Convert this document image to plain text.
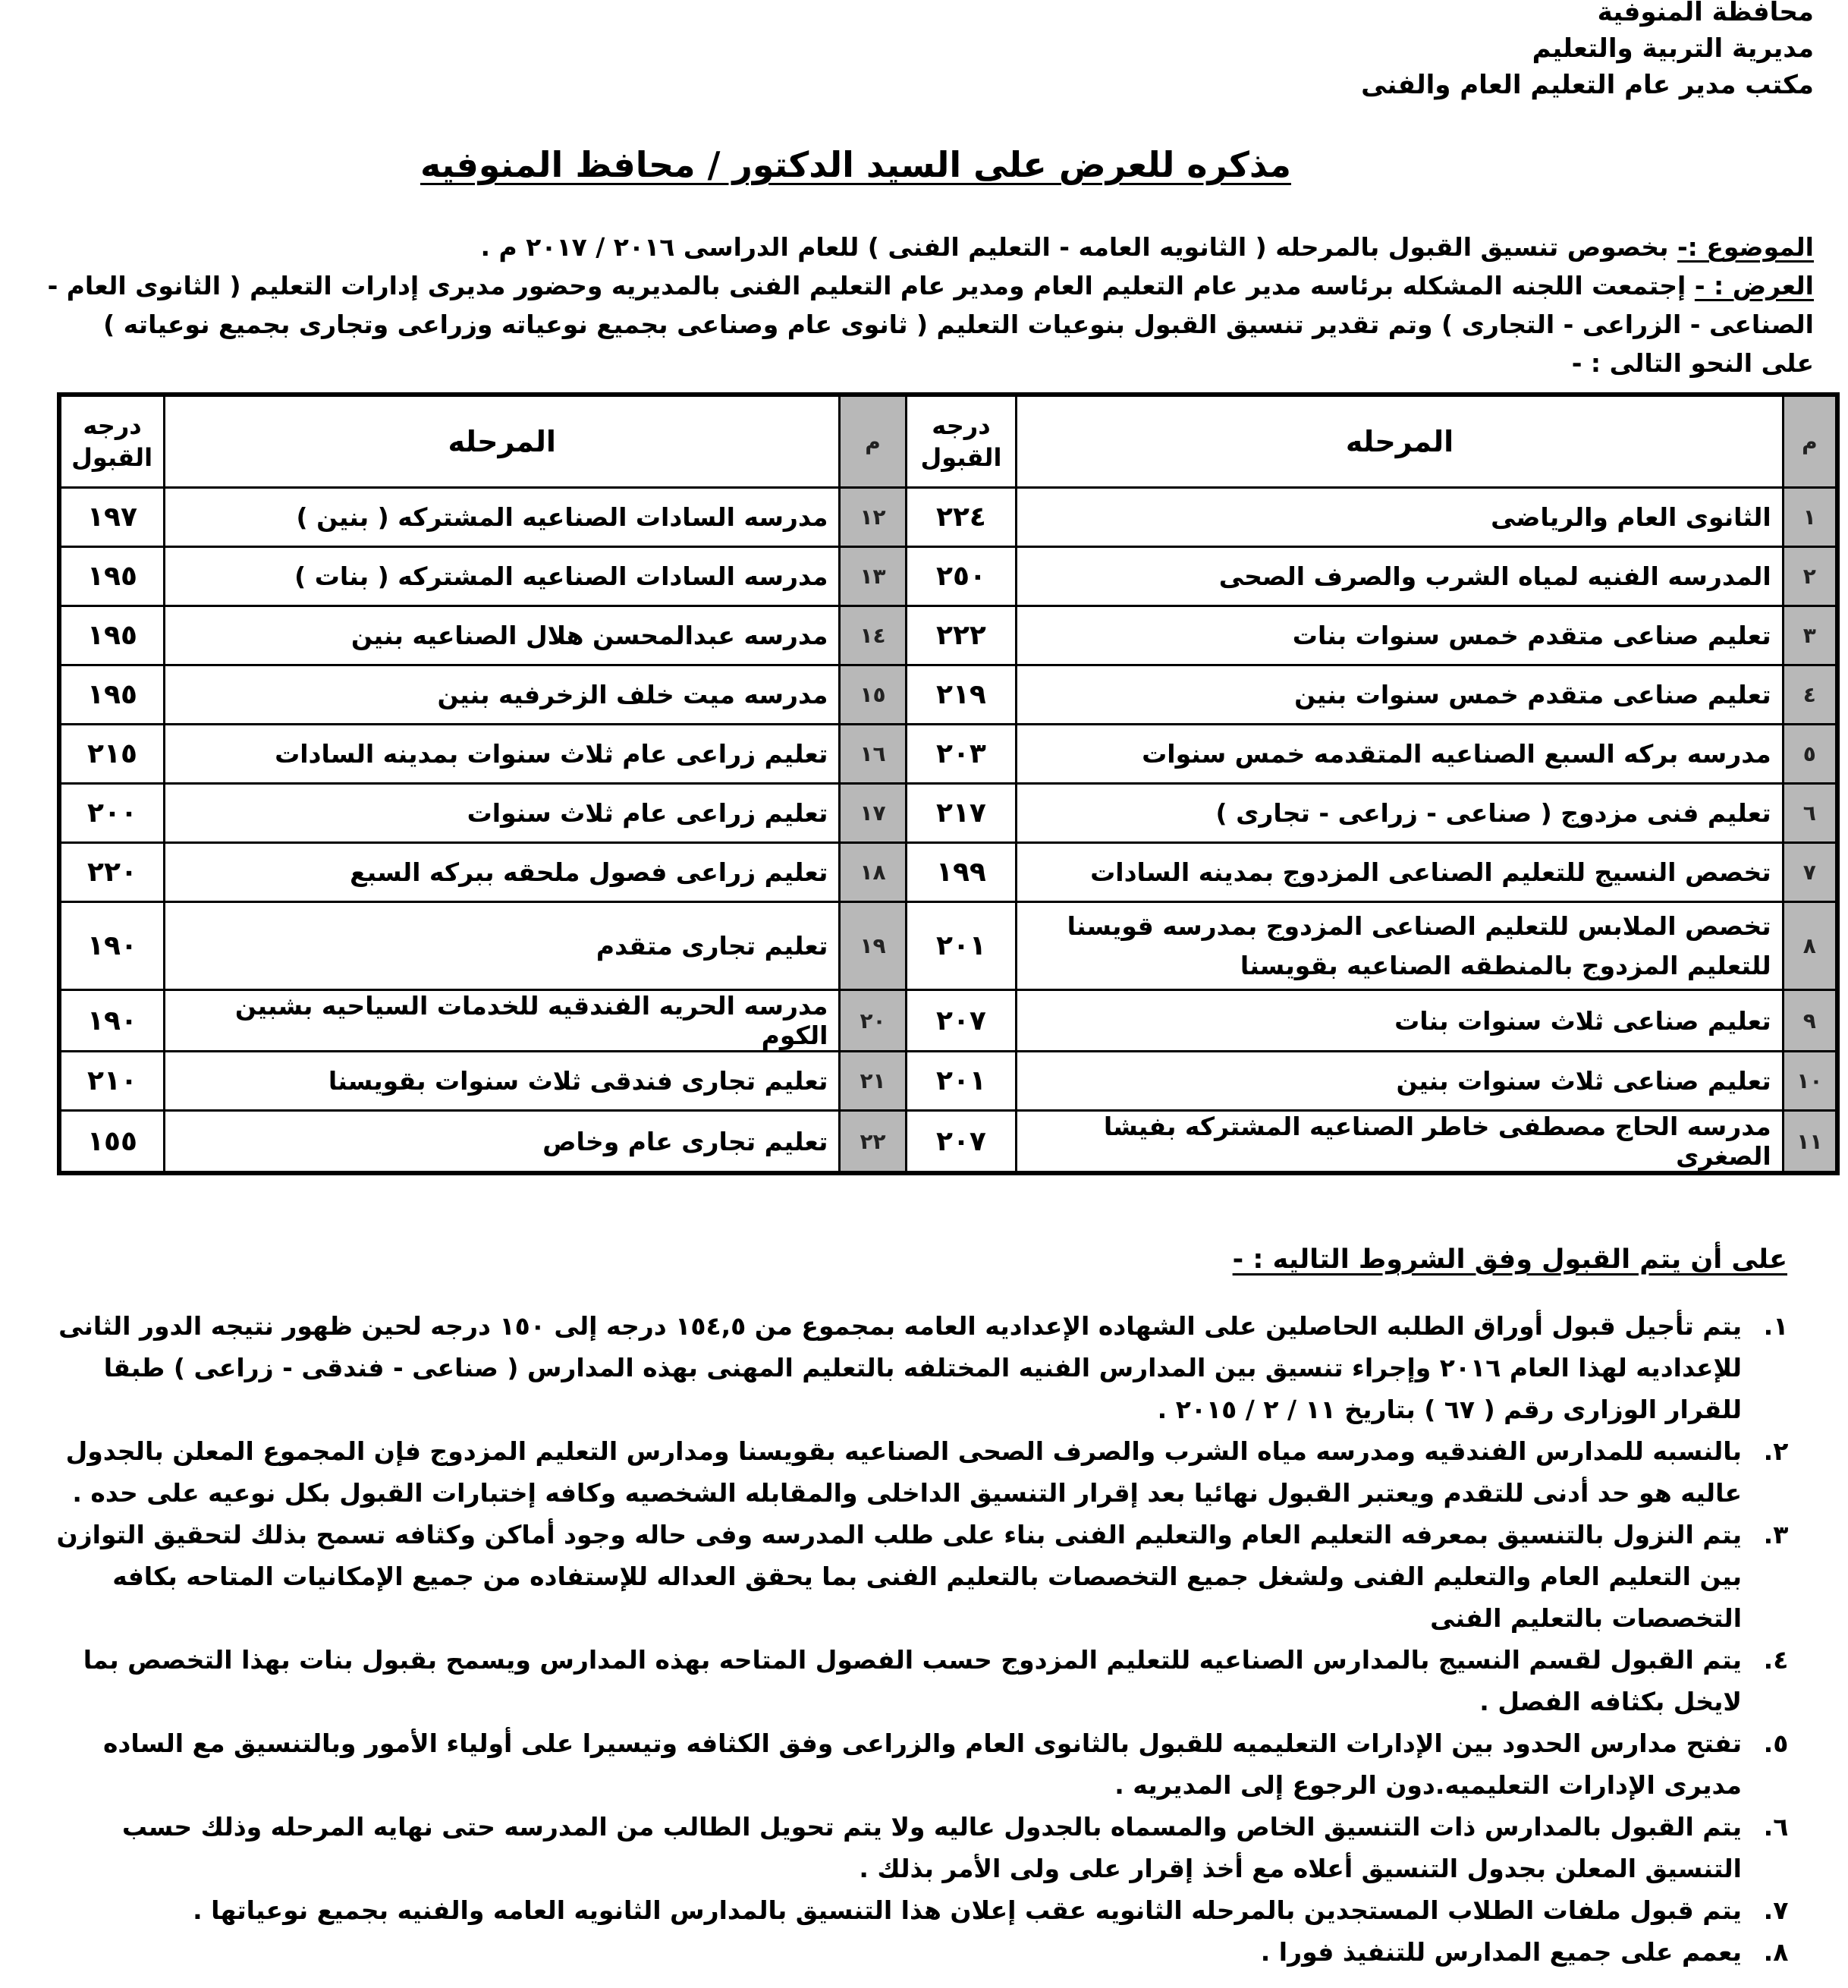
محافظة المنوفية
مديرية التربية والتعليم
مكتب مدير عام التعليم العام والفنى
مذكره للعرض على السيد الدكتور / محافظ المنوفيه

الموضوع :- بخصوص تنسيق القبول بالمرحله ( الثانويه العامه - التعليم الفنى ) للعام الدراسى ٢٠١٦ / ٢٠١٧ م .

العرض : - إجتمعت اللجنه المشكله برئاسه مدير عام التعليم العام ومدير عام التعليم الفنى بالمديريه وحضور مديرى إدارات التعليم ( الثانوى العام - الصناعى - الزراعى - التجارى ) وتم تقدير تنسيق القبول بنوعيات التعليم ( ثانوى عام وصناعى بجميع نوعياته وزراعى وتجارى بجميع نوعياته ) على النحو التالى : -

م	المرحله	درجه القبول	م	المرحله	درجه القبول
١	الثانوى العام والرياضى	٢٢٤	١٢	مدرسه السادات الصناعيه المشتركه ( بنين )	١٩٧
٢	المدرسه الفنيه لمياه الشرب والصرف الصحى	٢٥٠	١٣	مدرسه السادات الصناعيه المشتركه ( بنات )	١٩٥
٣	تعليم صناعى متقدم خمس سنوات بنات	٢٢٢	١٤	مدرسه عبدالمحسن هلال الصناعيه بنين	١٩٥
٤	تعليم صناعى متقدم خمس سنوات بنين	٢١٩	١٥	مدرسه ميت خلف الزخرفيه بنين	١٩٥
٥	مدرسه بركه السبع الصناعيه المتقدمه خمس سنوات	٢٠٣	١٦	تعليم زراعى عام ثلاث سنوات بمدينه السادات	٢١٥
٦	تعليم فنى مزدوج ( صناعى - زراعى - تجارى )	٢١٧	١٧	تعليم زراعى عام ثلاث سنوات	٢٠٠
٧	تخصص النسيج للتعليم الصناعى المزدوج بمدينه السادات	١٩٩	١٨	تعليم زراعى فصول ملحقه ببركه السبع	٢٢٠
٨	تخصص الملابس للتعليم الصناعى المزدوج بمدرسه قويسنا للتعليم المزدوج بالمنطقه الصناعيه بقويسنا	٢٠١	١٩	تعليم تجارى متقدم	١٩٠
٩	تعليم صناعى ثلاث سنوات بنات	٢٠٧	٢٠	مدرسه الحريه الفندقيه للخدمات السياحيه بشبين الكوم	١٩٠
١٠	تعليم صناعى ثلاث سنوات بنين	٢٠١	٢١	تعليم تجارى فندقى ثلاث سنوات بقويسنا	٢١٠
١١	مدرسه الحاج مصطفى خاطر الصناعيه المشتركه بفيشا الصغرى	٢٠٧	٢٢	تعليم تجارى عام وخاص	١٥٥
على أن يتم القبول وفق الشروط التاليه : -
١.
يتم تأجيل قبول أوراق الطلبه الحاصلين على الشهاده الإعداديه العامه بمجموع من ١٥٤,٥ درجه إلى ١٥٠ درجه لحين ظهور نتيجه الدور الثانى للإعداديه لهذا العام ٢٠١٦ وإجراء تنسيق بين المدارس الفنيه المختلفه بالتعليم المهنى بهذه المدارس ( صناعى - فندقى - زراعى ) طبقا للقرار الوزارى رقم ( ٦٧ ) بتاريخ ١١ / ٢ / ٢٠١٥ .
٢.
بالنسبه للمدارس الفندقيه ومدرسه مياه الشرب والصرف الصحى الصناعيه بقويسنا ومدارس التعليم المزدوج فإن المجموع المعلن بالجدول عاليه هو حد أدنى للتقدم ويعتبر القبول نهائيا بعد إقرار التنسيق الداخلى والمقابله الشخصيه وكافه إختبارات القبول بكل نوعيه على حده .
٣.
يتم النزول بالتنسيق بمعرفه التعليم العام والتعليم الفنى بناء على طلب المدرسه وفى حاله وجود أماكن وكثافه تسمح بذلك لتحقيق التوازن بين التعليم العام والتعليم الفنى ولشغل جميع التخصصات بالتعليم الفنى بما يحقق العداله للإستفاده من جميع الإمكانيات المتاحه بكافه التخصصات بالتعليم الفنى
٤.
يتم القبول لقسم النسيج بالمدارس الصناعيه للتعليم المزدوج حسب الفصول المتاحه بهذه المدارس ويسمح بقبول بنات بهذا التخصص بما لايخل بكثافه الفصل .
٥.
تفتح مدارس الحدود بين الإدارات التعليميه للقبول بالثانوى العام والزراعى وفق الكثافه وتيسيرا على أولياء الأمور وبالتنسيق مع الساده مديرى الإدارات التعليميه.دون الرجوع إلى المديريه .
٦.
يتم القبول بالمدارس ذات التنسيق الخاص والمسماه بالجدول عاليه ولا يتم تحويل الطالب من المدرسه حتى نهايه المرحله وذلك حسب التنسيق المعلن بجدول التنسيق أعلاه مع أخذ إقرار على ولى الأمر بذلك .
٧.
يتم قبول ملفات الطلاب المستجدين بالمرحله الثانويه عقب إعلان هذا التنسيق بالمدارس الثانويه العامه والفنيه بجميع نوعياتها .
٨.
يعمم على جميع المدارس للتنفيذ فورا .
